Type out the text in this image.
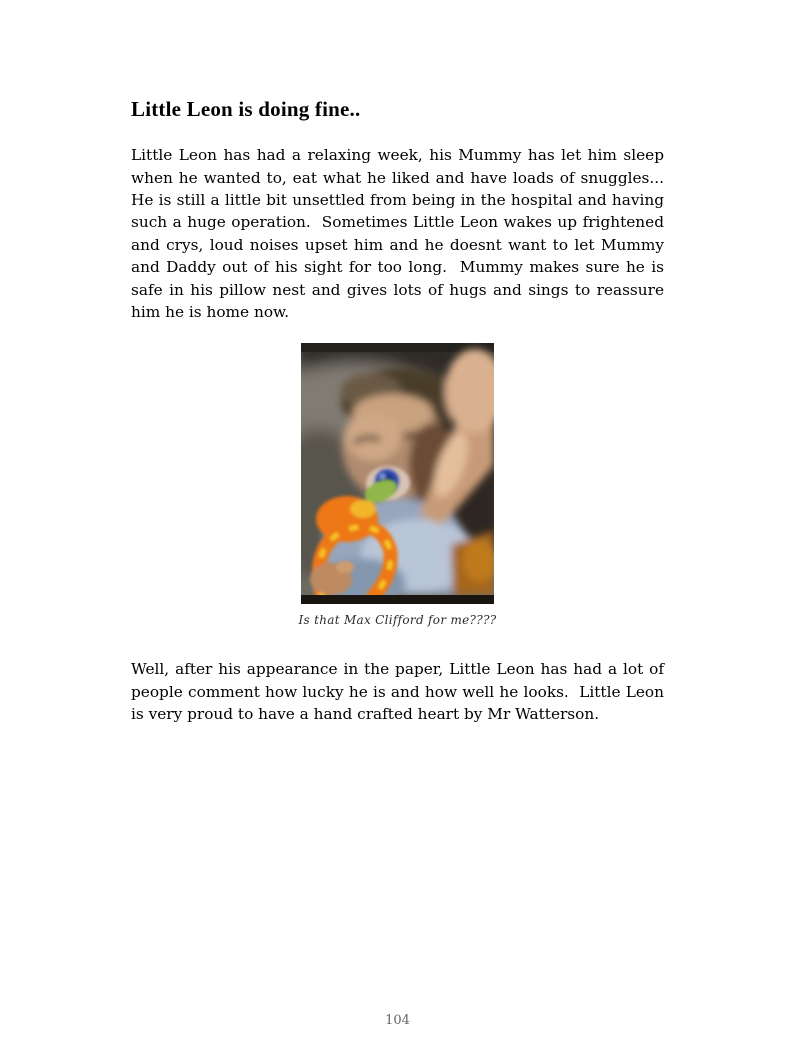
Little Leon is doing fine..

Little Leon has had a relaxing week, his Mummy has let him sleep when he wanted to, eat what he liked and have loads of snuggles...  He is still a little bit unsettled from being in the hospital and having such a huge operation.  Sometimes Little Leon wakes up frightened and crys, loud noises upset him and he doesnt want to let Mummy and Daddy out of his sight for too long.  Mummy makes sure he is safe in his pillow nest and gives lots of hugs and sings to reassure him he is home now.

Is that Max Clifford for me????

Well, after his appearance in the paper, Little Leon has had a lot of people comment how lucky he is and how well he looks.  Little Leon is very proud to have a hand crafted heart by Mr Watterson.

104
